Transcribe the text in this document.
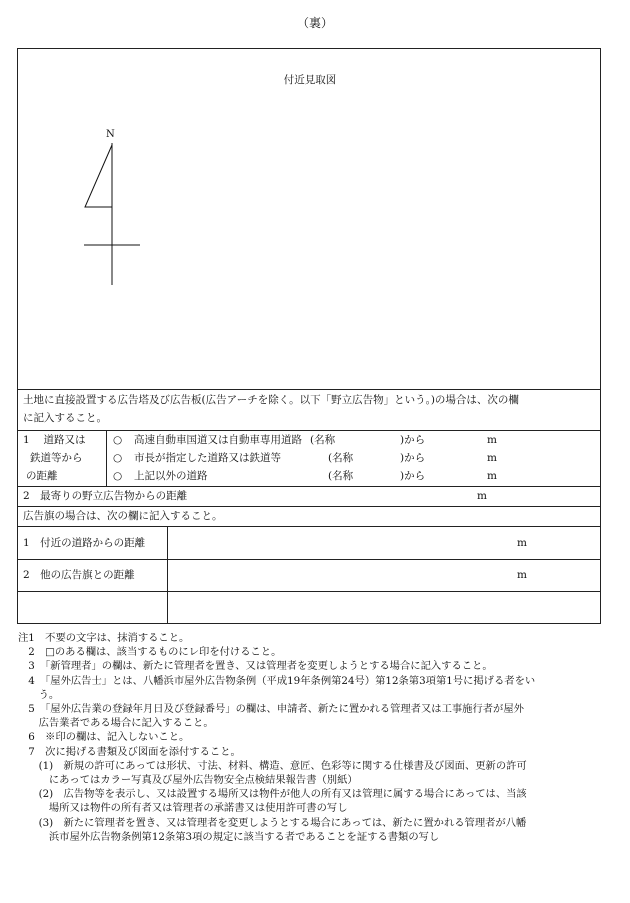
（裏）
付近見取図
N
土地に直接設置する広告塔及び広告板(広告アーチを除く。以下「野立広告物」という。)の場合は、次の欄
に記入すること。
1　 道路又は
鉄道等から
の距離
○ 高速自動車国道又は自動車専用道路 (名称	)から	m
○ 市長が指定した道路又は鉄道等	(名称	)から	m
○ 上記以外の道路	(名称	)から	m
2　最寄りの野立広告物からの距離	m
広告旗の場合は、次の欄に記入すること。
1　付近の道路からの距離	m
2　他の広告旗との距離	m
注1　不要の文字は、抹消すること。
　2　□のある欄は、該当するものにレ印を付けること。
　3　「新管理者」の欄は、新たに管理者を置き、又は管理者を変更しようとする場合に記入すること。
　4　「屋外広告士」とは、八幡浜市屋外広告物条例（平成19年条例第24号）第12条第3項第1号に掲げる者をい
　　う。
　5　「屋外広告業の登録年月日及び登録番号」の欄は、申請者、新たに置かれる管理者又は工事施行者が屋外
　　広告業者である場合に記入すること。
　6　※印の欄は、記入しないこと。
　7　次に掲げる書類及び図面を添付すること。
　　(1)　新規の許可にあっては形状、寸法、材料、構造、意匠、色彩等に関する仕様書及び図面、更新の許可
　　　にあってはカラー写真及び屋外広告物安全点検結果報告書（別紙）
　　(2)　広告物等を表示し、又は設置する場所又は物件が他人の所有又は管理に属する場合にあっては、当該
　　　場所又は物件の所有者又は管理者の承諾書又は使用許可書の写し
　　(3)　新たに管理者を置き、又は管理者を変更しようとする場合にあっては、新たに置かれる管理者が八幡
　　　浜市屋外広告物条例第12条第3項の規定に該当する者であることを証する書類の写し
